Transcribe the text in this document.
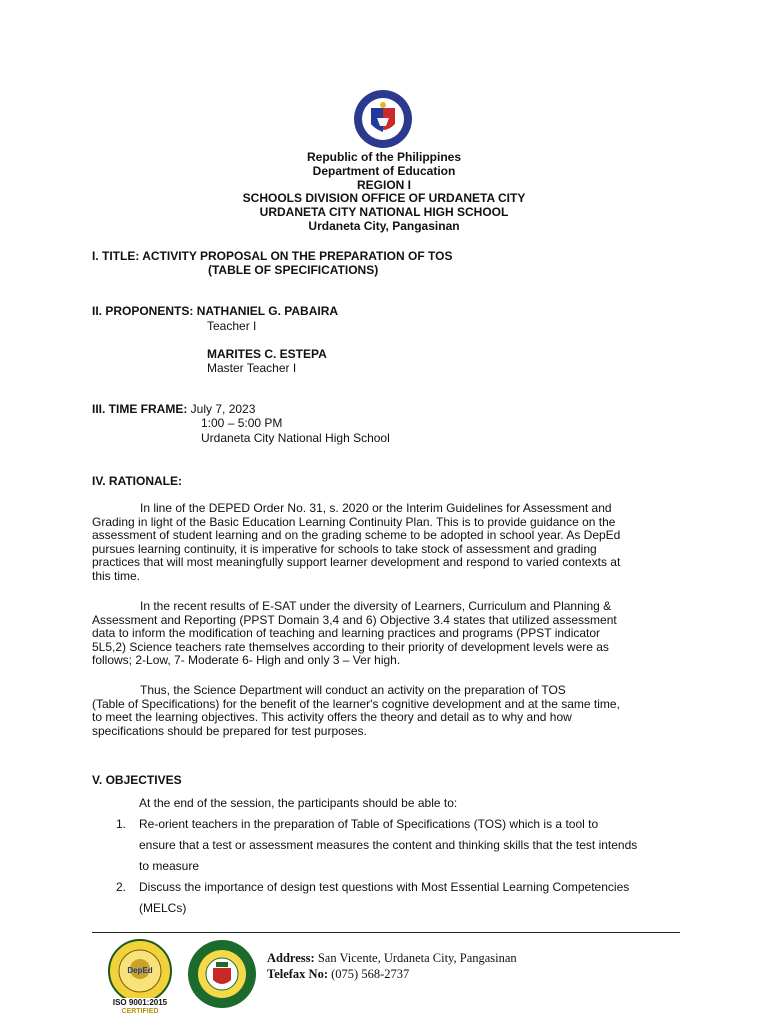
Republic of the Philippines
Department of Education
REGION I
SCHOOLS DIVISION OFFICE OF URDANETA CITY
URDANETA CITY NATIONAL HIGH SCHOOL
Urdaneta City, Pangasinan
I. TITLE: ACTIVITY PROPOSAL ON THE PREPARATION OF TOS
(TABLE OF SPECIFICATIONS)
II. PROPONENTS: NATHANIEL G. PABAIRA
Teacher I
MARITES C. ESTEPA
Master Teacher I
III. TIME FRAME: July 7, 2023
1:00 – 5:00 PM
Urdaneta City National High School
IV. RATIONALE:
In line of the DEPED Order No. 31, s. 2020 or the Interim Guidelines for Assessment and
Grading in light of the Basic Education Learning Continuity Plan. This is to provide guidance on the
assessment of student learning and on the grading scheme to be adopted in school year. As DepEd
pursues learning continuity, it is imperative for schools to take stock of assessment and grading
practices that will most meaningfully support learner development and respond to varied contexts at
this time.
In the recent results of E-SAT under the diversity of Learners, Curriculum and Planning &
Assessment and Reporting (PPST Domain 3,4 and 6) Objective 3.4 states that utilized assessment
data to inform the modification of teaching and learning practices and programs (PPST indicator
5L5,2) Science teachers rate themselves according to their priority of development levels were as
follows; 2-Low, 7- Moderate 6- High and only 3 – Ver high.
Thus, the Science Department will conduct an activity on the preparation of TOS
(Table of Specifications) for the benefit of the learner's cognitive development and at the same time,
to meet the learning objectives. This activity offers the theory and detail as to why and how
specifications should be prepared for test purposes.
V. OBJECTIVES
At the end of the session, the participants should be able to:
1. Re-orient teachers in the preparation of Table of Specifications (TOS) which is a tool to
ensure that a test or assessment measures the content and thinking skills that the test intends
to measure
2. Discuss the importance of design test questions with Most Essential Learning Competencies
(MELCs)
DepEd
ISO 9001:2015
CERTIFIED
Address: San Vicente, Urdaneta City, Pangasinan
Telefax No: (075) 568-2737
